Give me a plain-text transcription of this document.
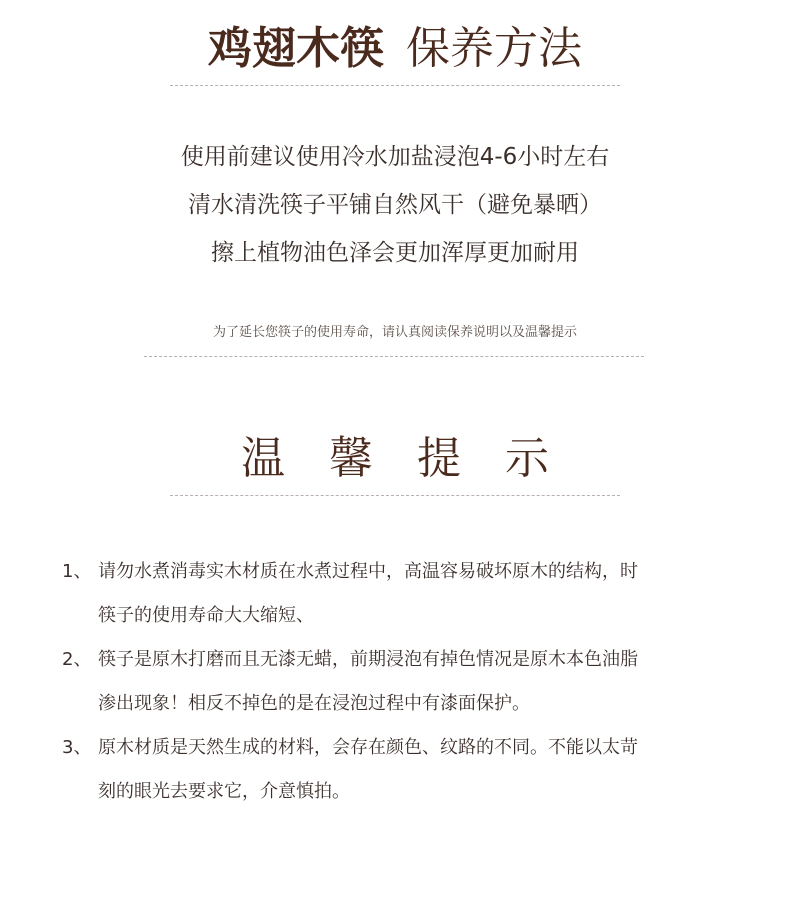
鸡翅木筷 保养方法
使用前建议使用冷水加盐浸泡4-6小时左右
清水清洗筷子平铺自然风干（避免暴晒）
擦上植物油色泽会更加浑厚更加耐用
为了延长您筷子的使用寿命，请认真阅读保养说明以及温馨提示
温 馨 提 示
1、 请勿水煮消毒实木材质在水煮过程中，高温容易破坏原木的结构，时
筷子的使用寿命大大缩短、
2、 筷子是原木打磨而且无漆无蜡，前期浸泡有掉色情况是原木本色油脂
渗出现象！相反不掉色的是在浸泡过程中有漆面保护。
3、 原木材质是天然生成的材料，会存在颜色、纹路的不同。不能以太苛
刻的眼光去要求它，介意慎拍。
